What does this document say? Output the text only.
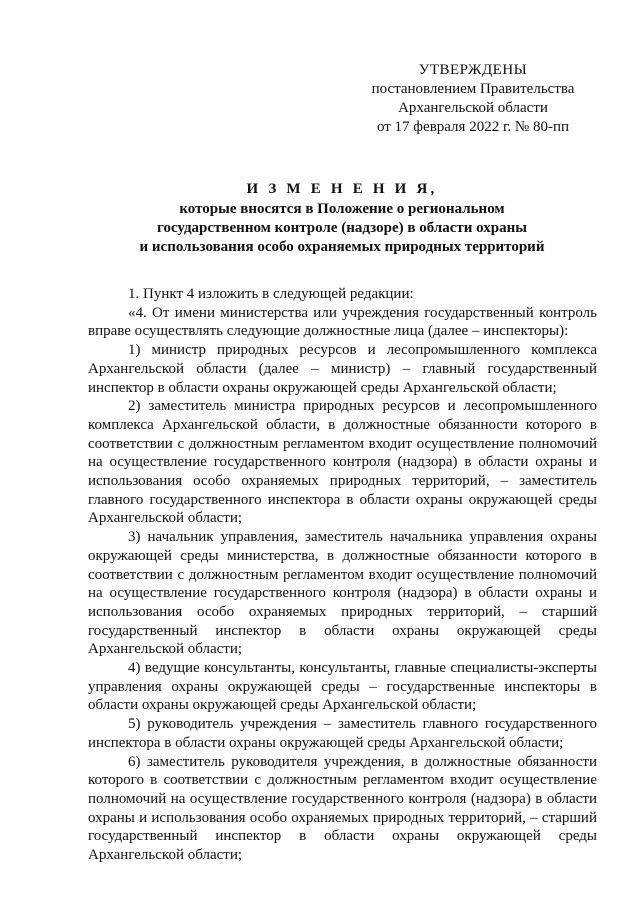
УТВЕРЖДЕНЫ
постановлением Правительства
Архангельской области
от 17 февраля 2022 г. № 80-пп
И З М Е Н Е Н И Я,
которые вносятся в Положение о региональном
государственном контроле (надзоре) в области охраны
и использования особо охраняемых природных территорий

1. Пункт 4 изложить в следующей редакции:

«4. От имени министерства или учреждения государственный контроль вправе осуществлять следующие должностные лица (далее – инспекторы):

1) министр природных ресурсов и лесопромышленного комплекса Архангельской области (далее – министр) – главный государственный инспектор в области охраны окружающей среды Архангельской области;

2) заместитель министра природных ресурсов и лесопромышленного комплекса Архангельской области, в должностные обязанности которого в соответствии с должностным регламентом входит осуществление полномочий на осуществление государственного контроля (надзора) в области охраны и использования особо охраняемых природных территорий, – заместитель главного государственного инспектора в области охраны окружающей среды Архангельской области;

3) начальник управления, заместитель начальника управления охраны окружающей среды министерства, в должностные обязанности которого в соответствии с должностным регламентом входит осуществление полномочий на осуществление государственного контроля (надзора) в области охраны и использования особо охраняемых природных территорий, – старший государственный инспектор в области охраны окружающей среды Архангельской области;

4) ведущие консультанты, консультанты, главные специалисты-эксперты управления охраны окружающей среды – государственные инспекторы в области охраны окружающей среды Архангельской области;

5) руководитель учреждения – заместитель главного государственного инспектора в области охраны окружающей среды Архангельской области;

6) заместитель руководителя учреждения, в должностные обязанности которого в соответствии с должностным регламентом входит осуществление полномочий на осуществление государственного контроля (надзора) в области охраны и использования особо охраняемых природных территорий, – старший государственный инспектор в области охраны окружающей среды Архангельской области;
